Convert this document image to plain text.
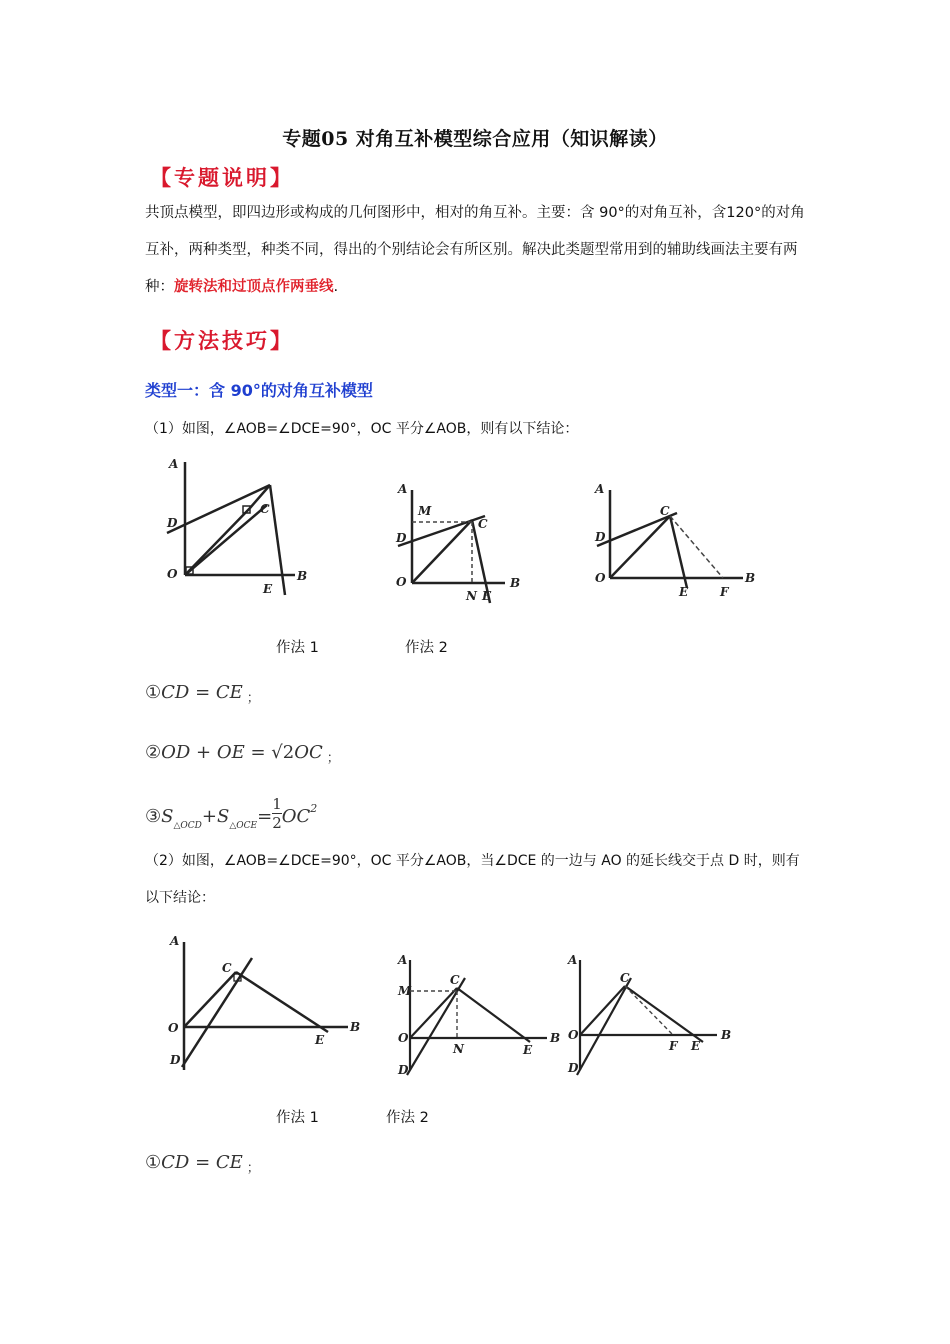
专题05 对角互补模型综合应用（知识解读）
【专题说明】
共顶点模型，即四边形或构成的几何图形中，相对的角互补。主要：含 90°的对角互补，含120°的对角互补，两种类型，种类不同，得出的个别结论会有所区别。解决此类题型常用到的辅助线画法主要有两种：旋转法和过顶点作两垂线.
【方法技巧】
类型一：含 90°的对角互补模型
（1）如图，∠AOB=∠DCE=90°，OC 平分∠AOB，则有以下结论：
A
D
O
C
E
B
A
M
D
C
O
N E
B
A
D
C
O
E	F
B
作法 1	作法 2
①CD = CE $_;$
②OD + OE = √2OC $_;$
$③S_{\triangle OCD}+S_{\triangle OCE}= \frac{1}{2} OC^2$
（2）如图，∠AOB=∠DCE=90°，OC 平分∠AOB，当∠DCE 的一边与 AO 的延长线交于点 D 时，则有以下结论：
A
C
O
E
B
D
A
M
C
O
N	E
B
D
A
C
O
F E
B
D
作法 1	作法 2
①CD = CE $_;$
